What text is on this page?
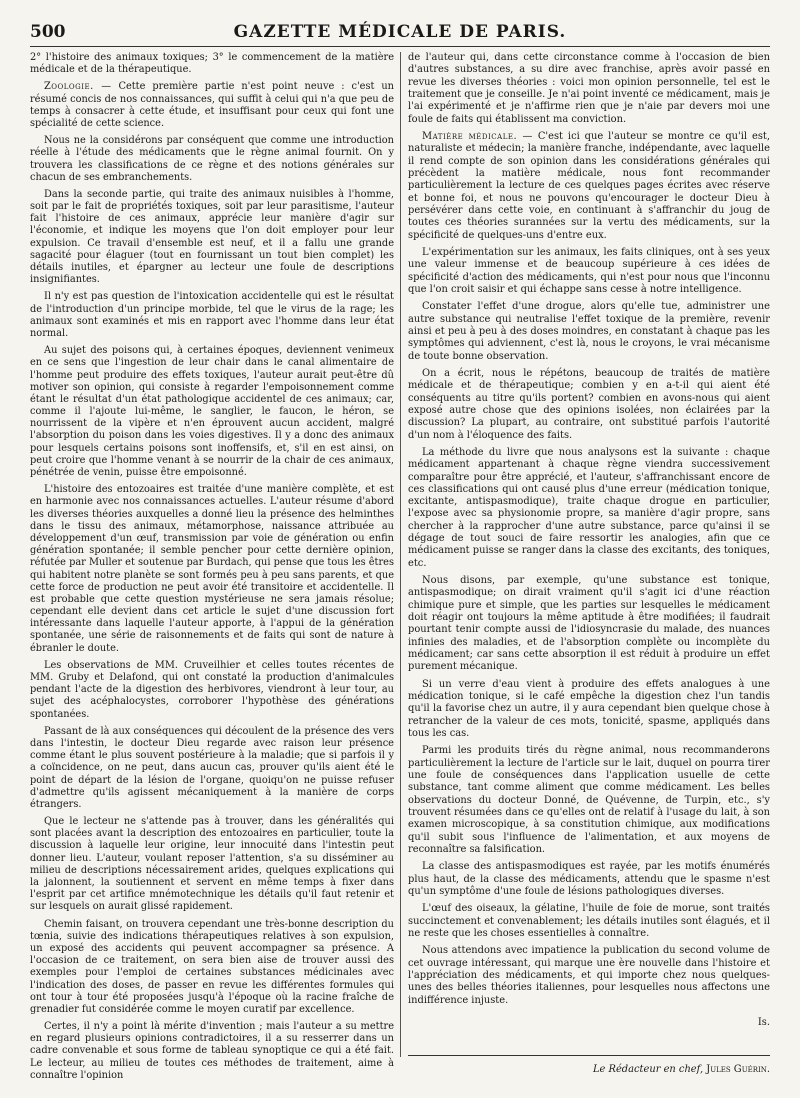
500	GAZETTE MÉDICALE DE PARIS.

2° l'histoire des animaux toxiques; 3° le commencement de la matière médicale et de la thérapeutique.

Zoologie. — Cette première partie n'est point neuve : c'est un résumé concis de nos connaissances, qui suffit à celui qui n'a que peu de temps à consacrer à cette étude, et insuffisant pour ceux qui font une spécialité de cette science.

Nous ne la considérons par conséquent que comme une introduction réelle à l'étude des médicaments que le règne animal fournit. On y trouvera les classifications de ce règne et des notions générales sur chacun de ses embranchements.

Dans la seconde partie, qui traite des animaux nuisibles à l'homme, soit par le fait de propriétés toxiques, soit par leur parasitisme, l'auteur fait l'histoire de ces animaux, apprécie leur manière d'agir sur l'économie, et indique les moyens que l'on doit employer pour leur expulsion. Ce travail d'ensemble est neuf, et il a fallu une grande sagacité pour élaguer (tout en fournissant un tout bien complet) les détails inutiles, et épargner au lecteur une foule de descriptions insignifiantes.

Il n'y est pas question de l'intoxication accidentelle qui est le résultat de l'introduction d'un principe morbide, tel que le virus de la rage; les animaux sont examinés et mis en rapport avec l'homme dans leur état normal.

Au sujet des poisons qui, à certaines époques, deviennent venimeux en ce sens que l'ingestion de leur chair dans le canal alimentaire de l'homme peut produire des effets toxiques, l'auteur aurait peut-être dû motiver son opinion, qui consiste à regarder l'empoisonnement comme étant le résultat d'un état pathologique accidentel de ces animaux; car, comme il l'ajoute lui-même, le sanglier, le faucon, le héron, se nourrissent de la vipère et n'en éprouvent aucun accident, malgré l'absorption du poison dans les voies digestives. Il y a donc des animaux pour lesquels certains poisons sont inoffensifs, et, s'il en est ainsi, on peut croire que l'homme venant à se nourrir de la chair de ces animaux, pénétrée de venin, puisse être empoisonné.

L'histoire des entozoaires est traitée d'une manière complète, et est en harmonie avec nos connaissances actuelles. L'auteur résume d'abord les diverses théories auxquelles a donné lieu la présence des helminthes dans le tissu des animaux, métamorphose, naissance attribuée au développement d'un œuf, transmission par voie de génération ou enfin génération spontanée; il semble pencher pour cette dernière opinion, réfutée par Muller et soutenue par Burdach, qui pense que tous les êtres qui habitent notre planète se sont formés peu à peu sans parents, et que cette force de production ne peut avoir été transitoire et accidentelle. Il est probable que cette question mystérieuse ne sera jamais résolue; cependant elle devient dans cet article le sujet d'une discussion fort intéressante dans laquelle l'auteur apporte, à l'appui de la génération spontanée, une série de raisonnements et de faits qui sont de nature à ébranler le doute.

Les observations de MM. Cruveilhier et celles toutes récentes de MM. Gruby et Delafond, qui ont constaté la production d'animalcules pendant l'acte de la digestion des herbivores, viendront à leur tour, au sujet des acéphalocystes, corroborer l'hypothèse des générations spontanées.

Passant de là aux conséquences qui découlent de la présence des vers dans l'intestin, le docteur Dieu regarde avec raison leur présence comme étant le plus souvent postérieure à la maladie; que si parfois il y a coïncidence, on ne peut, dans aucun cas, prouver qu'ils aient été le point de départ de la lésion de l'organe, quoiqu'on ne puisse refuser d'admettre qu'ils agissent mécaniquement à la manière de corps étrangers.

Que le lecteur ne s'attende pas à trouver, dans les généralités qui sont placées avant la description des entozoaires en particulier, toute la discussion à laquelle leur origine, leur innocuité dans l'intestin peut donner lieu. L'auteur, voulant reposer l'attention, s'a su disséminer au milieu de descriptions nécessairement arides, quelques explications qui la jalonnent, la soutiennent et servent en même temps à fixer dans l'esprit par cet artifice mnémotechnique les détails qu'il faut retenir et sur lesquels on aurait glissé rapidement.

Chemin faisant, on trouvera cependant une très-bonne description du tœnia, suivie des indications thérapeutiques relatives à son expulsion, un exposé des accidents qui peuvent accompagner sa présence. A l'occasion de ce traitement, on sera bien aise de trouver aussi des exemples pour l'emploi de certaines substances médicinales avec l'indication des doses, de passer en revue les différentes formules qui ont tour à tour été proposées jusqu'à l'époque où la racine fraîche de grenadier fut considérée comme le moyen curatif par excellence.

Certes, il n'y a point là mérite d'invention ; mais l'auteur a su mettre en regard plusieurs opinions contradictoires, il a su resserrer dans un cadre convenable et sous forme de tableau synoptique ce qui a été fait. Le lecteur, au milieu de toutes ces méthodes de traitement, aime à connaître l'opinion

de l'auteur qui, dans cette circonstance comme à l'occasion de bien d'autres substances, a su dire avec franchise, après avoir passé en revue les diverses théories : voici mon opinion personnelle, tel est le traitement que je conseille. Je n'ai point inventé ce médicament, mais je l'ai expérimenté et je n'affirme rien que je n'aie par devers moi une foule de faits qui établissent ma conviction.

Matière médicale. — C'est ici que l'auteur se montre ce qu'il est, naturaliste et médecin; la manière franche, indépendante, avec laquelle il rend compte de son opinion dans les considérations générales qui précèdent la matière médicale, nous font recommander particulièrement la lecture de ces quelques pages écrites avec réserve et bonne foi, et nous ne pouvons qu'encourager le docteur Dieu à persévérer dans cette voie, en continuant à s'affranchir du joug de toutes ces théories surannées sur la vertu des médicaments, sur la spécificité de quelques-uns d'entre eux.

L'expérimentation sur les animaux, les faits cliniques, ont à ses yeux une valeur immense et de beaucoup supérieure à ces idées de spécificité d'action des médicaments, qui n'est pour nous que l'inconnu que l'on croit saisir et qui échappe sans cesse à notre intelligence.

Constater l'effet d'une drogue, alors qu'elle tue, administrer une autre substance qui neutralise l'effet toxique de la première, revenir ainsi et peu à peu à des doses moindres, en constatant à chaque pas les symptômes qui adviennent, c'est là, nous le croyons, le vrai mécanisme de toute bonne observation.

On a écrit, nous le répétons, beaucoup de traités de matière médicale et de thérapeutique; combien y en a-t-il qui aient été conséquents au titre qu'ils portent? combien en avons-nous qui aient exposé autre chose que des opinions isolées, non éclairées par la discussion? La plupart, au contraire, ont substitué parfois l'autorité d'un nom à l'éloquence des faits.

La méthode du livre que nous analysons est la suivante : chaque médicament appartenant à chaque règne viendra successivement comparaître pour être apprécié, et l'auteur, s'affranchissant encore de ces classifications qui ont causé plus d'une erreur (médication tonique, excitante, antispasmodique), traite chaque drogue en particulier, l'expose avec sa physionomie propre, sa manière d'agir propre, sans chercher à la rapprocher d'une autre substance, parce qu'ainsi il se dégage de tout souci de faire ressortir les analogies, afin que ce médicament puisse se ranger dans la classe des excitants, des toniques, etc.

Nous disons, par exemple, qu'une substance est tonique, antispasmodique; on dirait vraiment qu'il s'agit ici d'une réaction chimique pure et simple, que les parties sur lesquelles le médicament doit réagir ont toujours la même aptitude à être modifiées; il faudrait pourtant tenir compte aussi de l'idiosyncrasie du malade, des nuances infinies des maladies, et de l'absorption complète ou incomplète du médicament; car sans cette absorption il est réduit à produire un effet purement mécanique.

Si un verre d'eau vient à produire des effets analogues à une médication tonique, si le café empêche la digestion chez l'un tandis qu'il la favorise chez un autre, il y aura cependant bien quelque chose à retrancher de la valeur de ces mots, tonicité, spasme, appliqués dans tous les cas.

Parmi les produits tirés du règne animal, nous recommanderons particulièrement la lecture de l'article sur le lait, duquel on pourra tirer une foule de conséquences dans l'application usuelle de cette substance, tant comme aliment que comme médicament. Les belles observations du docteur Donné, de Quévenne, de Turpin, etc., s'y trouvent résumées dans ce qu'elles ont de relatif à l'usage du lait, à son examen microscopique, à sa constitution chimique, aux modifications qu'il subit sous l'influence de l'alimentation, et aux moyens de reconnaître sa falsification.

La classe des antispasmodiques est rayée, par les motifs énumérés plus haut, de la classe des médicaments, attendu que le spasme n'est qu'un symptôme d'une foule de lésions pathologiques diverses.

L'œuf des oiseaux, la gélatine, l'huile de foie de morue, sont traités succinctement et convenablement; les détails inutiles sont élagués, et il ne reste que les choses essentielles à connaître.

Nous attendons avec impatience la publication du second volume de cet ouvrage intéressant, qui marque une ère nouvelle dans l'histoire et l'appréciation des médicaments, et qui importe chez nous quelques-unes des belles théories italiennes, pour lesquelles nous affectons une indifférence injuste.

Is.
Le Rédacteur en chef, Jules Guérin.
